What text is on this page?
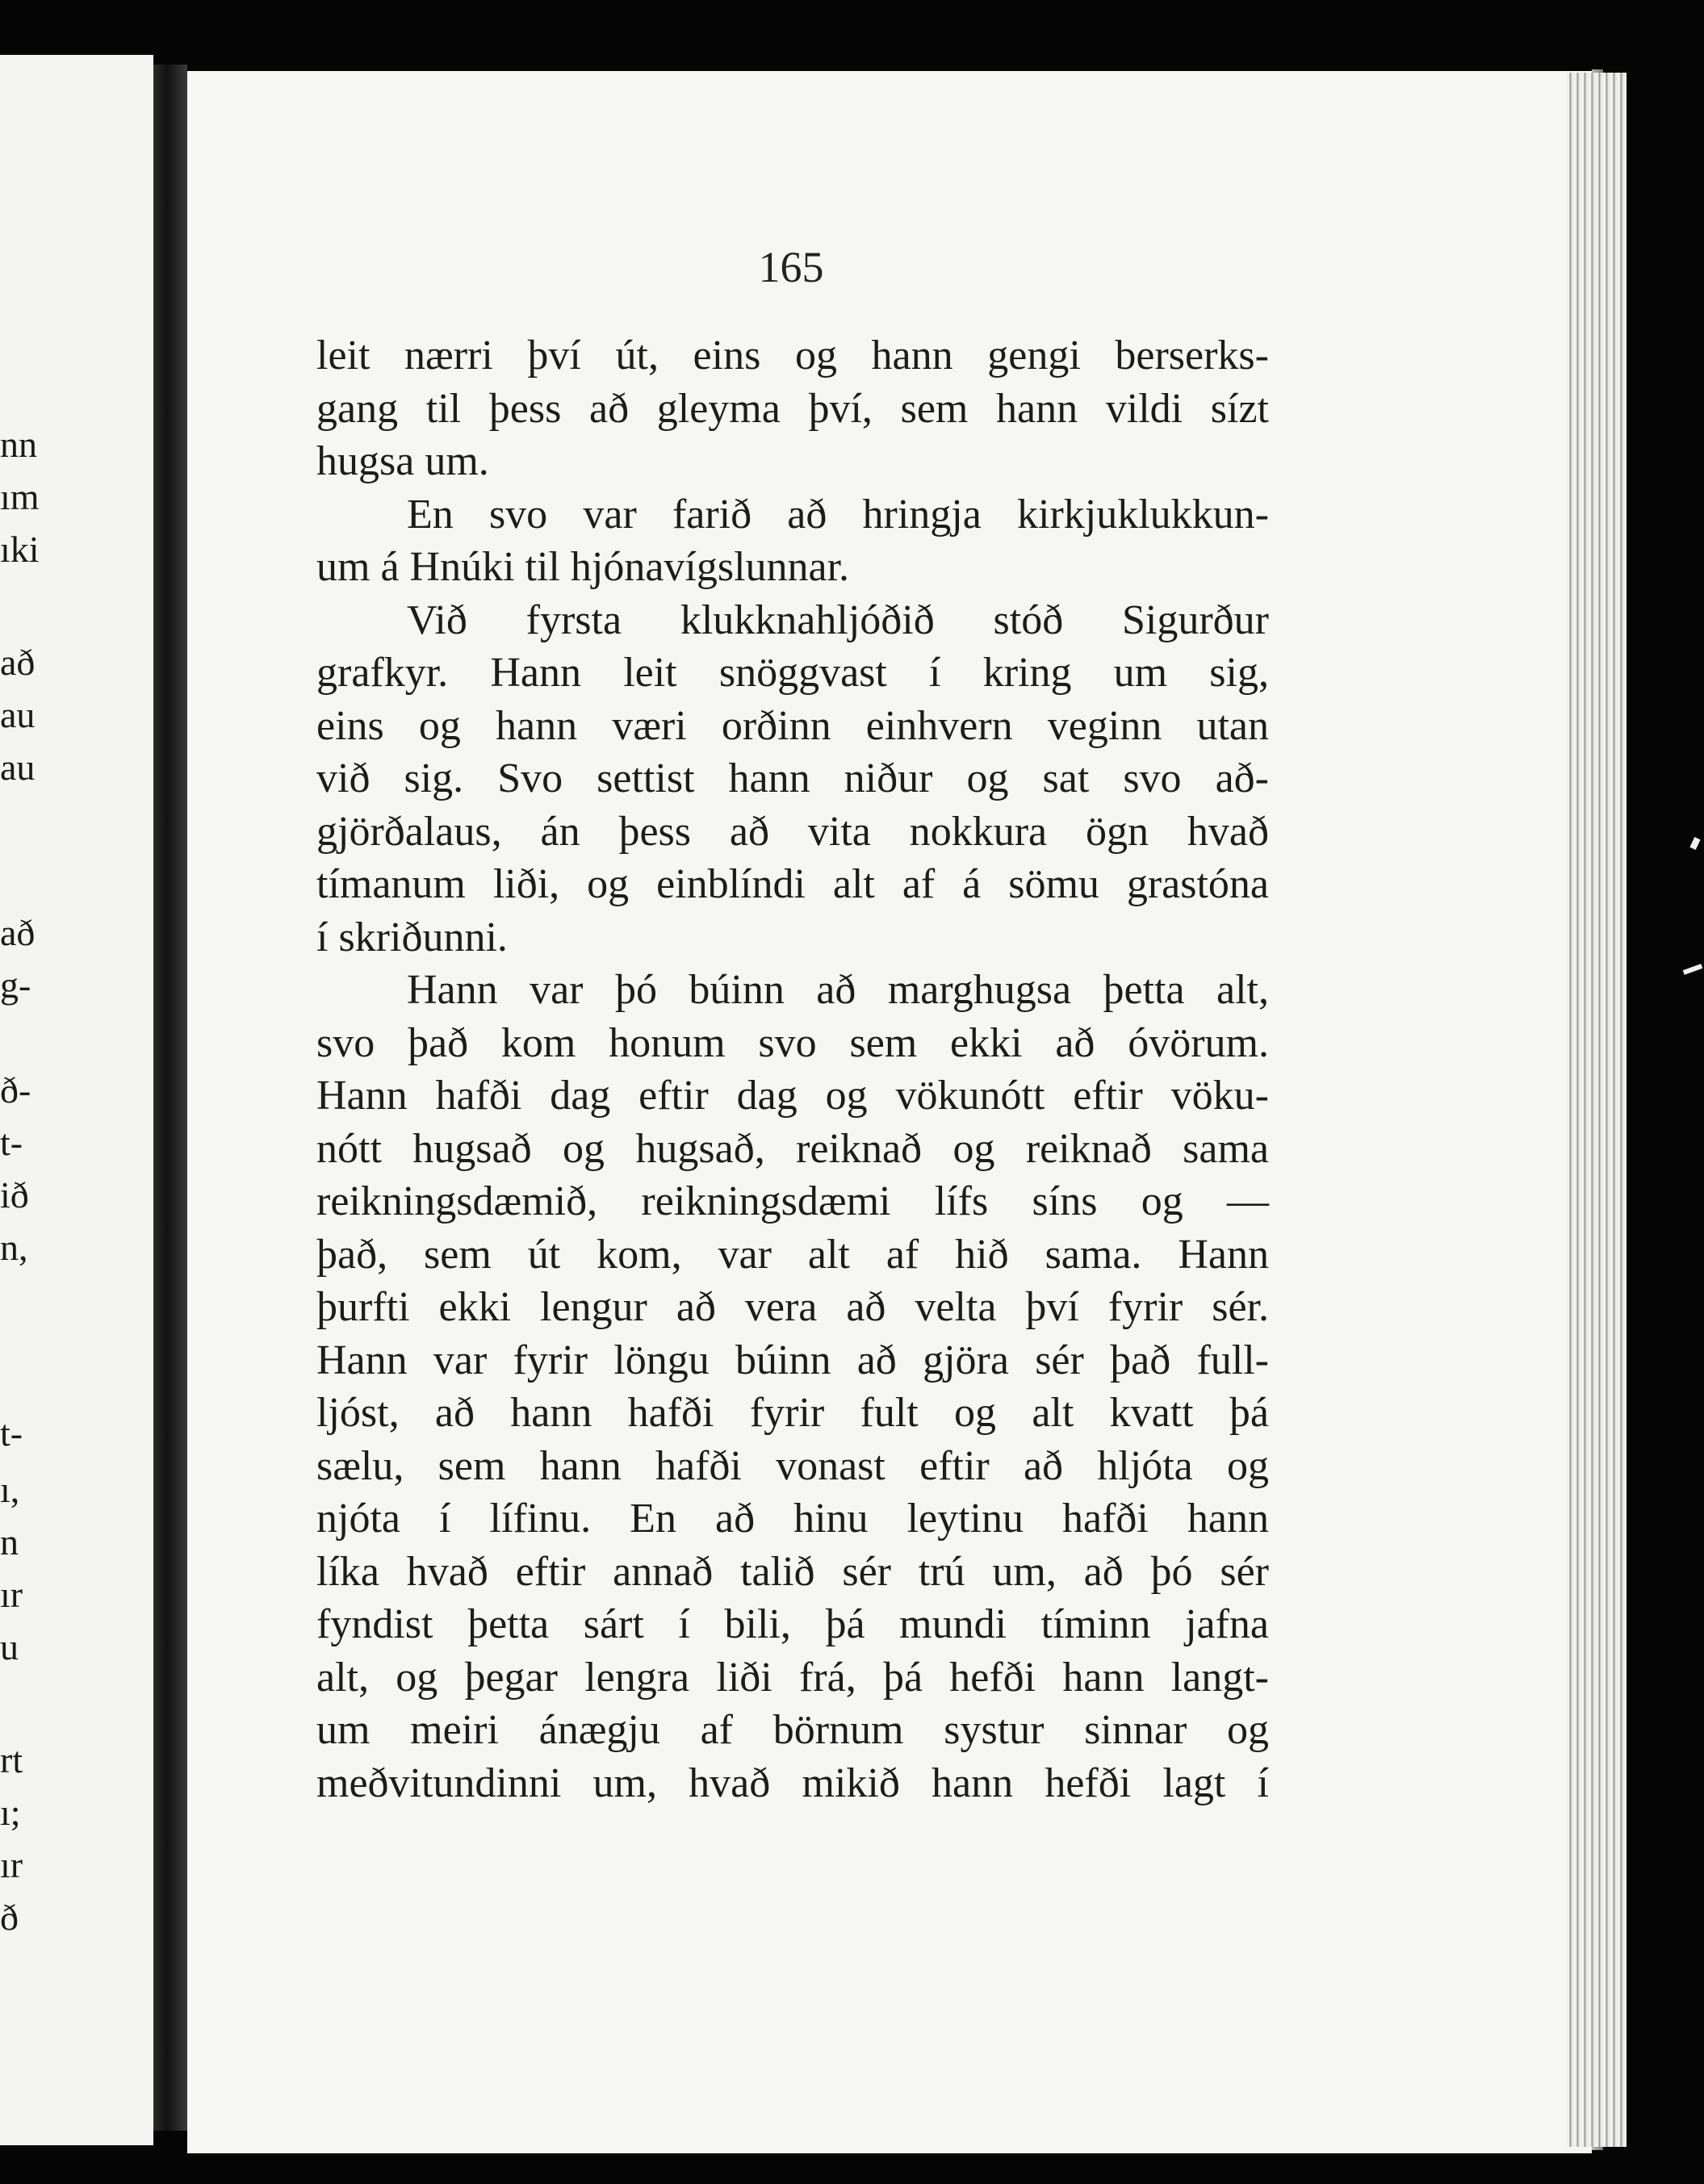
nn
ım
ıki
að
au
au
að
g-
ð-
t-
ið
n,
t-
ı,
n
ır
u
rt
ı;
ır
ð
165
leit nærri því út, eins og hann gengi berserks-
gang til þess að gleyma því, sem hann vildi sízt
hugsa um.
En svo var farið að hringja kirkjuklukkun-
um á Hnúki til hjónavígslunnar.
Við fyrsta klukknahljóðið stóð Sigurður
grafkyr. Hann leit snöggvast í kring um sig,
eins og hann væri orðinn einhvern veginn utan
við sig. Svo settist hann niður og sat svo að-
gjörðalaus, án þess að vita nokkura ögn hvað
tímanum liði, og einblíndi alt af á sömu grastóna
í skriðunni.
Hann var þó búinn að marghugsa þetta alt,
svo það kom honum svo sem ekki að óvörum.
Hann hafði dag eftir dag og vökunótt eftir vöku-
nótt hugsað og hugsað, reiknað og reiknað sama
reikningsdæmið, reikningsdæmi lífs síns og —
það, sem út kom, var alt af hið sama. Hann
þurfti ekki lengur að vera að velta því fyrir sér.
Hann var fyrir löngu búinn að gjöra sér það full-
ljóst, að hann hafði fyrir fult og alt kvatt þá
sælu, sem hann hafði vonast eftir að hljóta og
njóta í lífinu. En að hinu leytinu hafði hann
líka hvað eftir annað talið sér trú um, að þó sér
fyndist þetta sárt í bili, þá mundi tíminn jafna
alt, og þegar lengra liði frá, þá hefði hann langt-
um meiri ánægju af börnum systur sinnar og
meðvitundinni um, hvað mikið hann hefði lagt í
